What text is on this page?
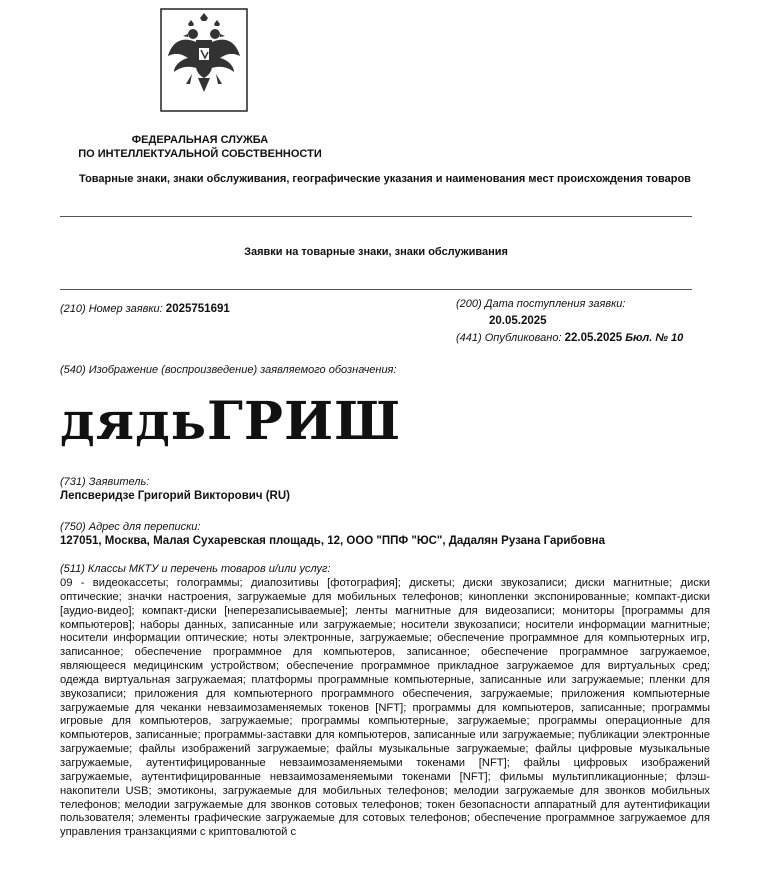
ФЕДЕРАЛЬНАЯ СЛУЖБА
ПО ИНТЕЛЛЕКТУАЛЬНОЙ СОБСТВЕННОСТИ
Товарные знаки, знаки обслуживания, географические указания и наименования мест происхождения товаров
Заявки на товарные знаки, знаки обслуживания
(210) Номер заявки: 2025751691	(200) Дата поступления заявки:
20.05.2025
(441) Опубликовано: 22.05.2025 Бюл. № 10
(540) Изображение (воспроизведение) заявляемого обозначения:
дядьГРИШ
(731) Заявитель:
Лепсверидзе Григорий Викторович (RU)
(750) Адрес для переписки:
127051, Москва, Малая Сухаревская площадь, 12, ООО "ППФ "ЮС", Дадалян Рузана Гарибовна
(511) Классы МКТУ и перечень товаров и/или услуг:
09 - видеокассеты; голограммы; диапозитивы [фотография]; дискеты; диски звукозаписи; диски магнитные; диски оптические; значки настроения, загружаемые для мобильных телефонов; кинопленки экспонированные; компакт-диски [аудио-видео]; компакт-диски [неперезаписываемые]; ленты магнитные для видеозаписи; мониторы [программы для компьютеров]; наборы данных, записанные или загружаемые; носители звукозаписи; носители информации магнитные; носители информации оптические; ноты электронные, загружаемые; обеспечение программное для компьютерных игр, записанное; обеспечение программное для компьютеров, записанное; обеспечение программное загружаемое, являющееся медицинским устройством; обеспечение программное прикладное загружаемое для виртуальных сред; одежда виртуальная загружаемая; платформы программные компьютерные, записанные или загружаемые; пленки для звукозаписи; приложения для компьютерного программного обеспечения, загружаемые; приложения компьютерные загружаемые для чеканки невзаимозаменяемых токенов [NFT]; программы для компьютеров, записанные; программы игровые для компьютеров, загружаемые; программы компьютерные, загружаемые; программы операционные для компьютеров, записанные; программы-заставки для компьютеров, записанные или загружаемые; публикации электронные загружаемые; файлы изображений загружаемые; файлы музыкальные загружаемые; файлы цифровые музыкальные загружаемые, аутентифицированные невзаимозаменяемыми токенами [NFT]; файлы цифровых изображений загружаемые, аутентифицированные невзаимозаменяемыми токенами [NFT]; фильмы мультипликационные; флэш-накопители USB; эмотиконы, загружаемые для мобильных телефонов; мелодии загружаемые для звонков мобильных телефонов; мелодии загружаемые для звонков сотовых телефонов; токен безопасности аппаратный для аутентификации пользователя; элементы графические загружаемые для сотовых телефонов; обеспечение программное загружаемое для управления транзакциями с криптовалютой с
